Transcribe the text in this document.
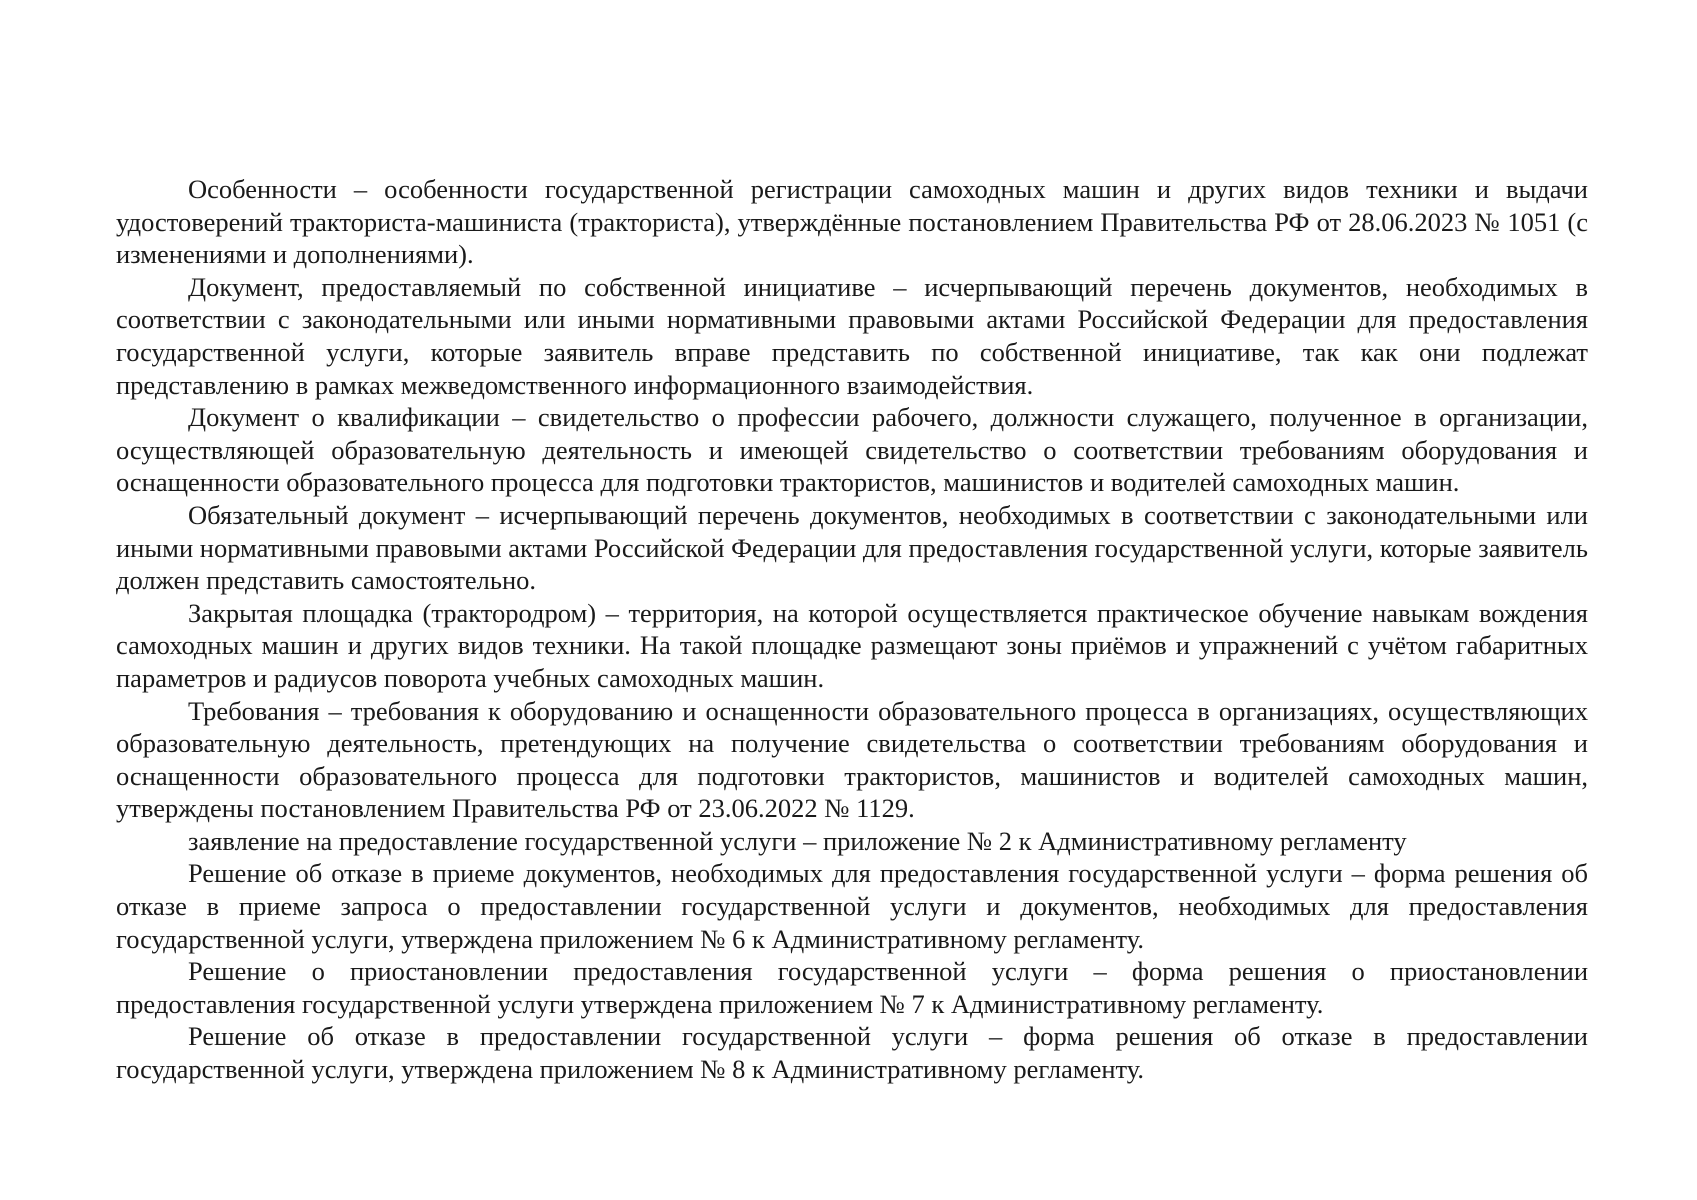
Особенности – особенности государственной регистрации самоходных машин и других видов техники и выдачи удостоверений тракториста-машиниста (тракториста), утверждённые постановлением Правительства РФ от 28.06.2023 № 1051 (с изменениями и дополнениями).

Документ, предоставляемый по собственной инициативе – исчерпывающий перечень документов, необходимых в соответствии с законодательными или иными нормативными правовыми актами Российской Федерации для предоставления государственной услуги, которые заявитель вправе представить по собственной инициативе, так как они подлежат представлению в рамках межведомственного информационного взаимодействия.

Документ о квалификации – свидетельство о профессии рабочего, должности служащего, полученное в организации, осуществляющей образовательную деятельность и имеющей свидетельство о соответствии требованиям оборудования и оснащенности образовательного процесса для подготовки трактористов, машинистов и водителей самоходных машин.

Обязательный документ – исчерпывающий перечень документов, необходимых в соответствии с законодательными или иными нормативными правовыми актами Российской Федерации для предоставления государственной услуги, которые заявитель должен представить самостоятельно.

Закрытая площадка (трактородром) – территория, на которой осуществляется практическое обучение навыкам вождения самоходных машин и других видов техники. На такой площадке размещают зоны приёмов и упражнений с учётом габаритных параметров и радиусов поворота учебных самоходных машин.

Требования – требования к оборудованию и оснащенности образовательного процесса в организациях, осуществляющих образовательную деятельность, претендующих на получение свидетельства о соответствии требованиям оборудования и оснащенности образовательного процесса для подготовки трактористов, машинистов и водителей самоходных машин, утверждены постановлением Правительства РФ от 23.06.2022 № 1129.

заявление на предоставление государственной услуги – приложение № 2 к Административному регламенту

Решение об отказе в приеме документов, необходимых для предоставления государственной услуги – форма решения об отказе в приеме запроса о предоставлении государственной услуги и документов, необходимых для предоставления государственной услуги, утверждена приложением № 6 к Административному регламенту.

Решение о приостановлении предоставления государственной услуги – форма решения о приостановлении предоставления государственной услуги утверждена приложением № 7 к Административному регламенту.

Решение об отказе в предоставлении государственной услуги – форма решения об отказе в предоставлении государственной услуги, утверждена приложением № 8 к Административному регламенту.
